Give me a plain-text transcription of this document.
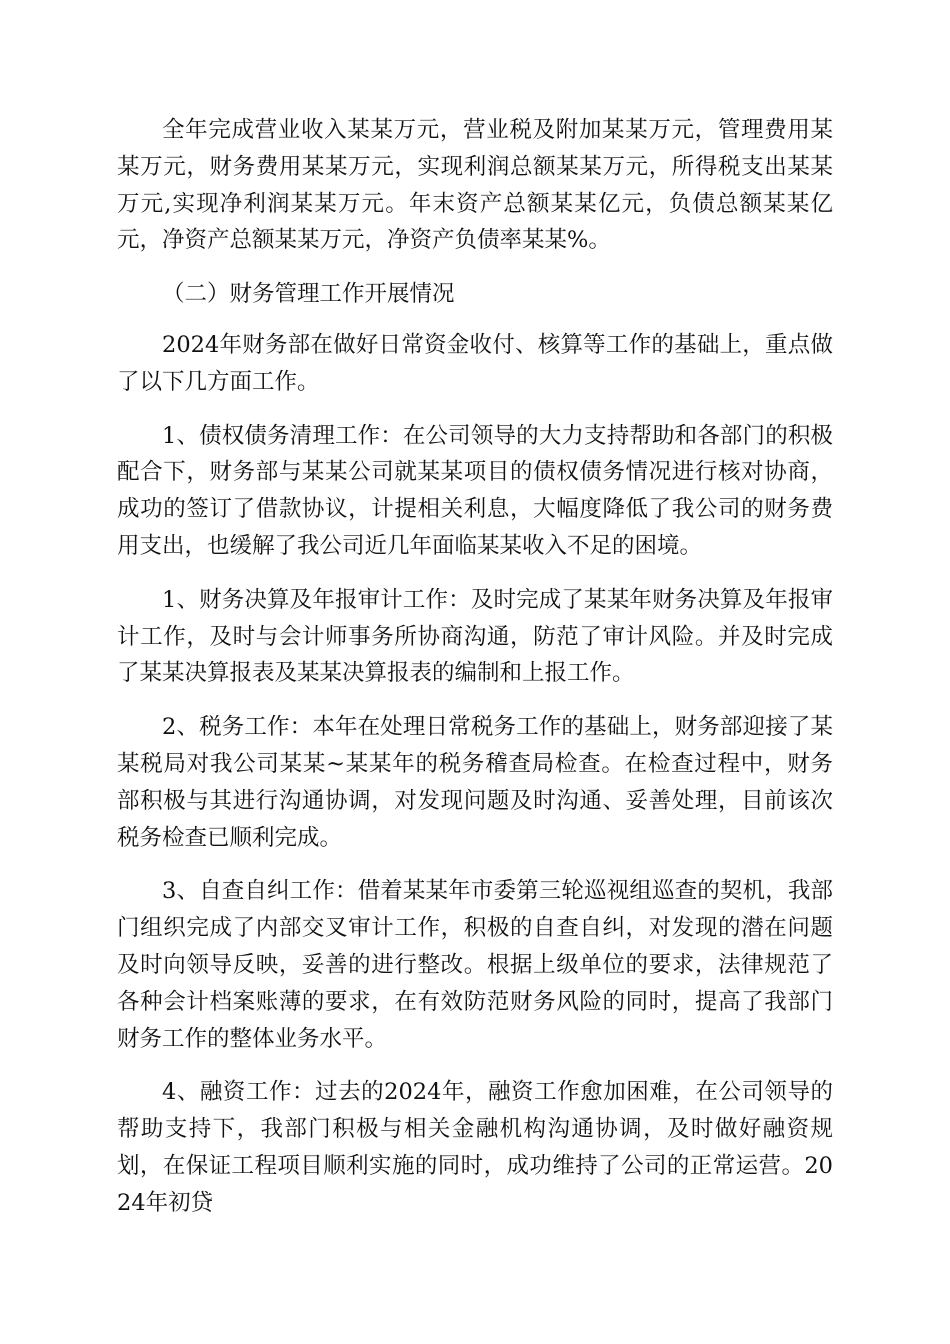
全年完成营业收入某某万元，营业税及附加某某万元，管理费用某某万元，财务费用某某万元，实现利润总额某某万元，所得税支出某某万元,实现净利润某某万元。年末资产总额某某亿元，负债总额某某亿元，净资产总额某某万元，净资产负债率某某%。

（二）财务管理工作开展情况

2024年财务部在做好日常资金收付、核算等工作的基础上，重点做了以下几方面工作。

1、债权债务清理工作：在公司领导的大力支持帮助和各部门的积极配合下，财务部与某某公司就某某项目的债权债务情况进行核对协商，成功的签订了借款协议，计提相关利息，大幅度降低了我公司的财务费用支出，也缓解了我公司近几年面临某某收入不足的困境。

1、财务决算及年报审计工作：及时完成了某某年财务决算及年报审计工作，及时与会计师事务所协商沟通，防范了审计风险。并及时完成了某某决算报表及某某决算报表的编制和上报工作。

2、税务工作：本年在处理日常税务工作的基础上，财务部迎接了某某税局对我公司某某~某某年的税务稽查局检查。在检查过程中，财务部积极与其进行沟通协调，对发现问题及时沟通、妥善处理，目前该次税务检查已顺利完成。

3、自查自纠工作：借着某某年市委第三轮巡视组巡查的契机，我部门组织完成了内部交叉审计工作，积极的自查自纠，对发现的潜在问题及时向领导反映，妥善的进行整改。根据上级单位的要求，法律规范了各种会计档案账薄的要求，在有效防范财务风险的同时，提高了我部门财务工作的整体业务水平。

4、融资工作：过去的2024年，融资工作愈加困难，在公司领导的帮助支持下，我部门积极与相关金融机构沟通协调，及时做好融资规划，在保证工程项目顺利实施的同时，成功维持了公司的正常运营。2024年初贷
